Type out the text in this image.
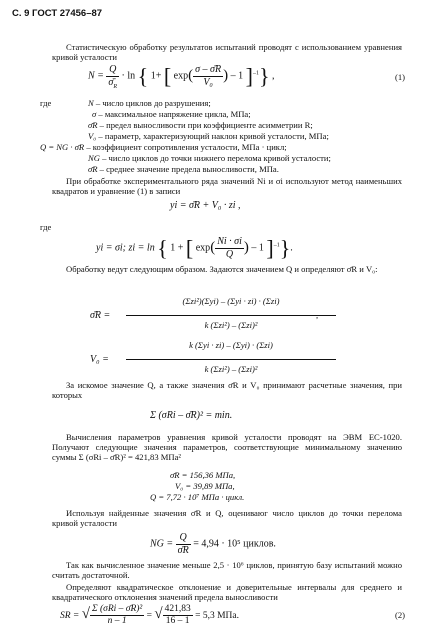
С. 9 ГОСТ 27456–87
Статистическую обработку результатов испытаний проводят с использованием уравнения кривой усталости
$N = \frac{Q}{\sigmā_R} \cdot \ln$ { 1+ [ $\exp( \frac{\sigma - \sigmāR}{\text{V₀}}$ ) – 1 ]$^{-1}$} ,	(1)
где	N – число циклов до разрушения;
σ – максимальное напряжение цикла, МПа;
σ̄R – предел выносливости при коэффициенте асимметрии R;
V₀ – параметр, характеризующий наклон кривой усталости, МПа;
Q = NG · σ̄R – коэффициент сопротивления усталости, МПа · цикл;
NG – число циклов до точки нижнего перелома кривой усталости;
σ̄R – среднее значение предела выносливости, МПа.
При обработке экспериментального ряда значений Ni и σi используют метод наименьших квадратов и уравнение (1) в записи
yi = σ̄R + V₀ · zi ,
где
yi = σi; zi = ln { 1 + [ $\exp( \frac{Ni \cdot \sigma i}{Q}$ ) – 1 ]$^{-1}$}.
Обработку ведут следующим образом. Задаются значением Q и определяют σ̄R и V₀:
σ̄R =
(Σzi²)(Σyi) – (Σyi · zi) · (Σzi)
k (Σzi²) – (Σzi)²
,
V₀ =
k (Σyi · zi) – (Σyi) · (Σzi)
k (Σzi²) – (Σzi)²
За искомое значение Q, а также значения σ̄R и V₀ принимают расчетные значения, при которых
Σ (σRi – σ̄R)² = min.
Вычисления параметров уравнения кривой усталости проводят на ЭВМ ЕС-1020. Получают следующие значения параметров, соответствующие минимальному значению суммы Σ (σRi – σ̄R)² = 421,83 МПа²
σ̄R = 156,36 МПа,
V₀ = 39,89 МПа,
Q = 7,72 · 10⁷ МПа · цикл.
Используя найденные значения σ̄R и Q, оцениваюг число циклов до точки перелома кривой усталости
NG = $\frac{Q}{\sigmāR} = 4,94 \cdot 10^5$ циклов.
Так как вычисленное значение меньше 2,5 · 10⁶ циклов, принятую базу испытаний можно считать достаточной.
Определяют квадратическое отклонение и доверительные интервалы для среднего и квадратического отклонения значений предела выносливости
SR = √ $\frac{\text{Σ (σRi – σ̄R)²}}{n - 1}$ = √ $\frac{421,83}{16 - 1} = 5,3$ МПа.	(2)
